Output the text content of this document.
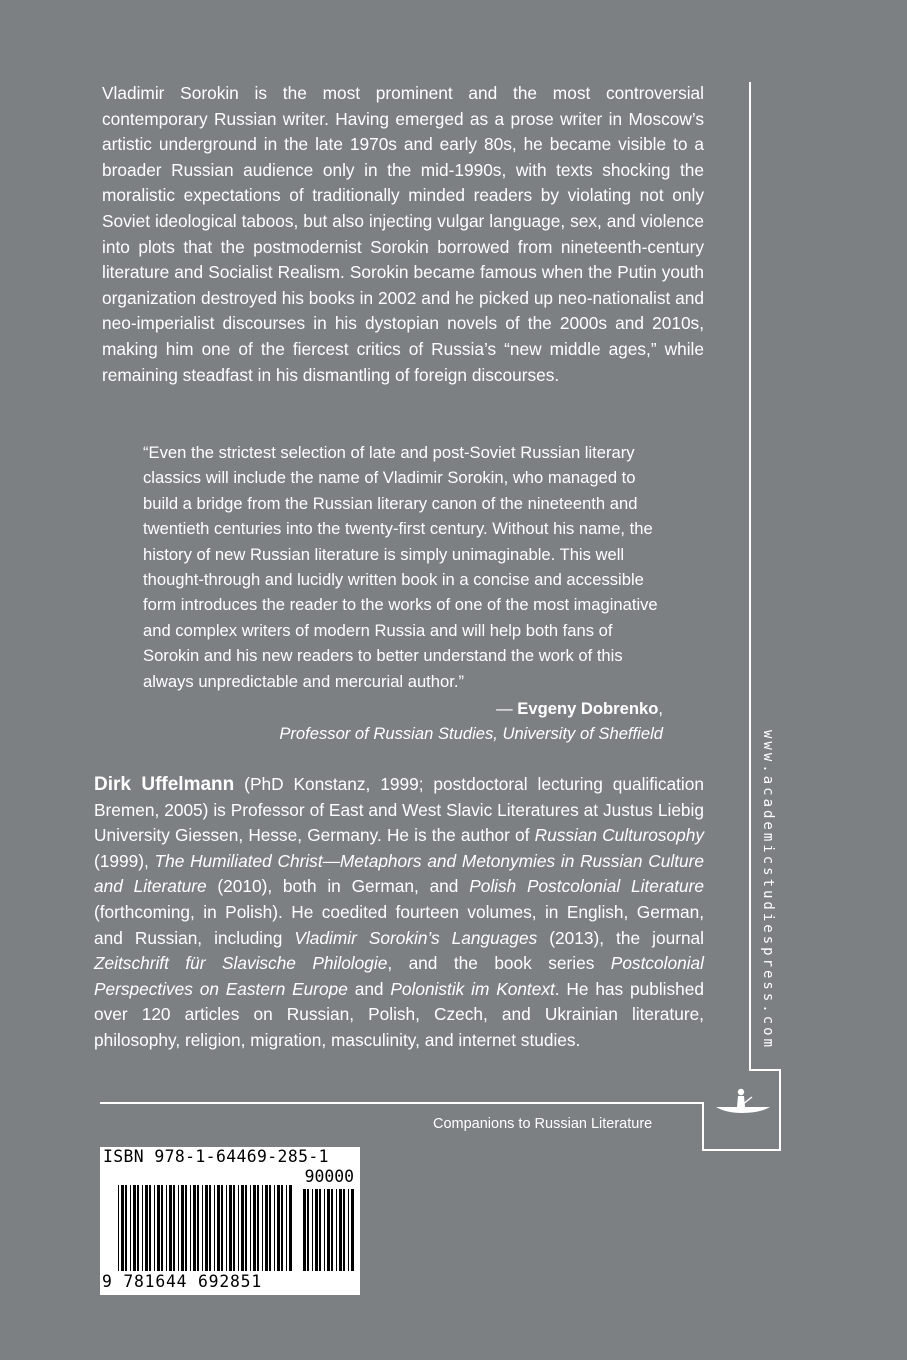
Vladimir Sorokin is the most prominent and the most controversial contemporary Russian writer. Having emerged as a prose writer in Moscow’s artistic underground in the late 1970s and early 80s, he became visible to a broader Russian audience only in the mid-1990s, with texts shocking the moralistic expectations of traditionally minded readers by violating not only Soviet ideological taboos, but also injecting vulgar language, sex, and violence into plots that the postmodernist Sorokin borrowed from nineteenth-century literature and Socialist Realism. Sorokin became famous when the Putin youth organization destroyed his books in 2002 and he picked up neo-nationalist and neo-imperialist discourses in his dystopian novels of the 2000s and 2010s, making him one of the fiercest critics of Russia’s “new middle ages,” while remaining steadfast in his dismantling of foreign discourses.

“Even the strictest selection of late and post-Soviet Russian literary classics will include the name of Vladimir Sorokin, who managed to build a bridge from the Russian literary canon of the nineteenth and twentieth centuries into the twenty-first century. Without his name, the history of new Russian literature is simply unimaginable. This well thought-through and lucidly written book in a concise and accessible form introduces the reader to the works of one of the most imaginative and complex writers of modern Russia and will help both fans of Sorokin and his new readers to better understand the work of this always unpredictable and mercurial author.”

— Evgeny Dobrenko,
Professor of Russian Studies, University of Sheffield

Dirk Uffelmann (PhD Konstanz, 1999; postdoctoral lecturing qualification Bremen, 2005) is Professor of East and West Slavic Literatures at Justus Liebig University Giessen, Hesse, Germany. He is the author of Russian Culturosophy (1999), The Humiliated Christ—Metaphors and Metonymies in Russian Culture and Literature (2010), both in German, and Polish Postcolonial Literature (forthcoming, in Polish). He coedited fourteen volumes, in English, German, and Russian, including Vladimir Sorokin’s Languages (2013), the journal Zeitschrift für Slavische Philologie, and the book series Postcolonial Perspectives on Eastern Europe and Polonistik im Kontext. He has published over 120 articles on Russian, Polish, Czech, and Ukrainian literature, philosophy, religion, migration, masculinity, and internet studies.	www.academicstudiespress.com
Companions to Russian Literature
ISBN 978-1-64469-285-1
90000
9 781644 692851
